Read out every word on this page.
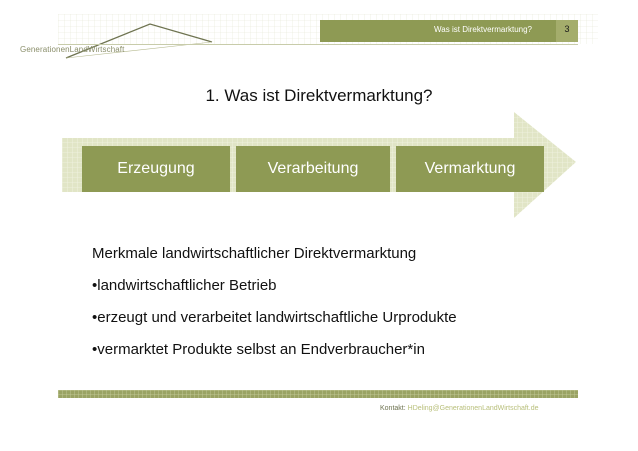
GenerationenLandWirtschaft
Was ist Direktvermarktung?	3
1. Was ist Direktvermarktung?
Erzeugung	Verarbeitung	Vermarktung
Merkmale landwirtschaftlicher Direktvermarktung
•landwirtschaftlicher Betrieb
•erzeugt und verarbeitet landwirtschaftliche Urprodukte
•vermarktet Produkte selbst an Endverbraucher*in
Kontakt: HDeling@GenerationenLandWirtschaft.de
